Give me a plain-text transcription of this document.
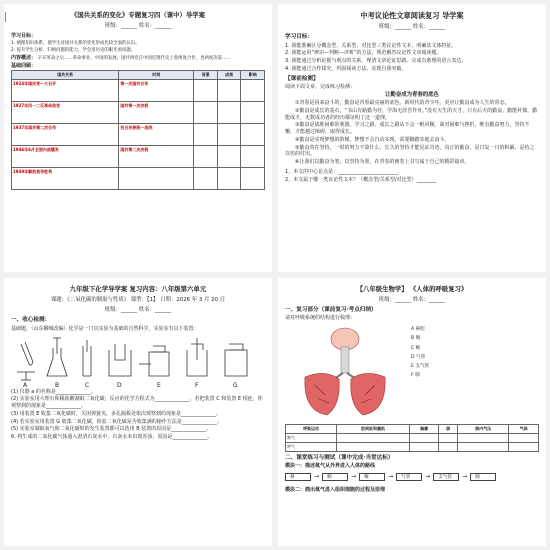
《国共关系的变化》专题复习四（课中）导学案
班级：______ 姓名：______
学习目标：
1. 梳理知识体系，使学生对国共关系的变化形成比较全面的认识。
2. 提升学生分析、归纳问题的能力，学会用历史的眼光看问题。
内容概述： 辛亥革命之后……革命事业、中国的发展。国共两党在中国近现代史上曾两度合作，也两度决裂……
基础回顾：
国共关系	时间	背景	成果	影响
1924年国民党一大召开	第一次国共合作			
1927年四一二反革命政变	国共第一次决裂			
1937年国共第二次合作	抗日民族统一战线			
1946年6月全面内战爆发	国共第二次决裂			
1949年解放战争胜利				
中考议论性文章阅读复习 导学案
班级：______ 姓名：______
学习目标：
1. 我能准确区分概念型、关系型、对比型三类议论性文本，明确其文体特征。
2. 我能运用“辨识—判断—评析”的方法，规范解答议论性文章阅读题。
3. 我能通过分析论据与观点的关系，理清文章论证思路，完成有条理的语言表达。
4. 我能通过合作探究，巩固阅读方法，实现自我突破。
【课前检测】
阅读下面文章，完成练习检测：
让勤奋成为青春的底色
①青春是用来奋斗的，勤奋是青春最亮丽的底色。新时代的青少年，更应让勤奋成为人生的常态。
②勤奋是成长的基石。“书山有路勤为径，学海无涯苦作舟。”没有天生的天才，只有后天的勤奋。勤能补拙，勤能成才，无数成功者的经历都证明了这一道理。
③勤奋是战胜困难的利器。学习之路，成长之路从不会一帆风顺。面对困难与挫折，唯有勤奋努力，坚持不懈，才能越过障碍，取得成长。
④勤奋是实现梦想的阶梯。梦想不会自动实现，需要脚踏实地去奋斗。
⑤勤奋贵在坚持。一时的努力不算什么，长久的坚持才能见证奇迹。真正的勤奋，是日复一日的积累，是持之以恒的付出。
⑥让我们以勤奋为笔，以坚持为墨，在青春的画卷上书写属于自己的精彩篇章。
1、本文的中心论点是：________________________
2、本文属于哪一类议论性文本？（概念型/关系型/对比型）________
九年级下化学导学案 复习内容：八年级第六单元
课题：《二氧化碳的制取与性质》 课型：【1】 日期：2026 年 3 月 20 日
班级：______ 姓名：______
一、收心检测：
基础题。（山东聊城改编）化学是一门以实验为基础的自然科学，实验室有以下装置：
A	B	C	D	E	F	G
(1) 仪器 a 的名称是______________。
(2) 实验室用大理石和稀盐酸制取二氧化碳，反应的化学方程式为______________，若把装置 C 和装置 E 相连，你观察到的现象是______________。
(3) 用装置 E 收集二氧化碳时，关闭弹簧夹，多孔隔板处依次观察到的现象是______________。
(4) 若实验室用装置 G 收集二氧化碳，检验二氧化碳是否收集满的操作方法是______________。
(5) 实验室制取氧气和二氧化碳时的发生装置都可以选用 B 装置的原因是______________。
6. 将生成的二氧化碳气体通入澄清石灰水中，石灰水未出现浑浊，原因是______________。
【八年级生物学】 《人体的呼吸复习》
班级：______ 姓名：______
一、复习部分（课前复习·考点归纳）
请对呼吸系统的结构进行梳理：
A 鼻腔
B 咽
C 喉
D 气管
E 支气管
F 肺
呼吸运动	肋间肌和膈肌	胸廓	肺	肺内气压	气体
吸气					
呼气					
二、课堂练习与测试（课中完成·当堂达标）
模块一：描述氧气从外界进入人体的路线
鼻	→	咽	→	喉	→	气管	→	支气管	→	肺
模块二：画出氧气进入组织细胞的过程及原理
